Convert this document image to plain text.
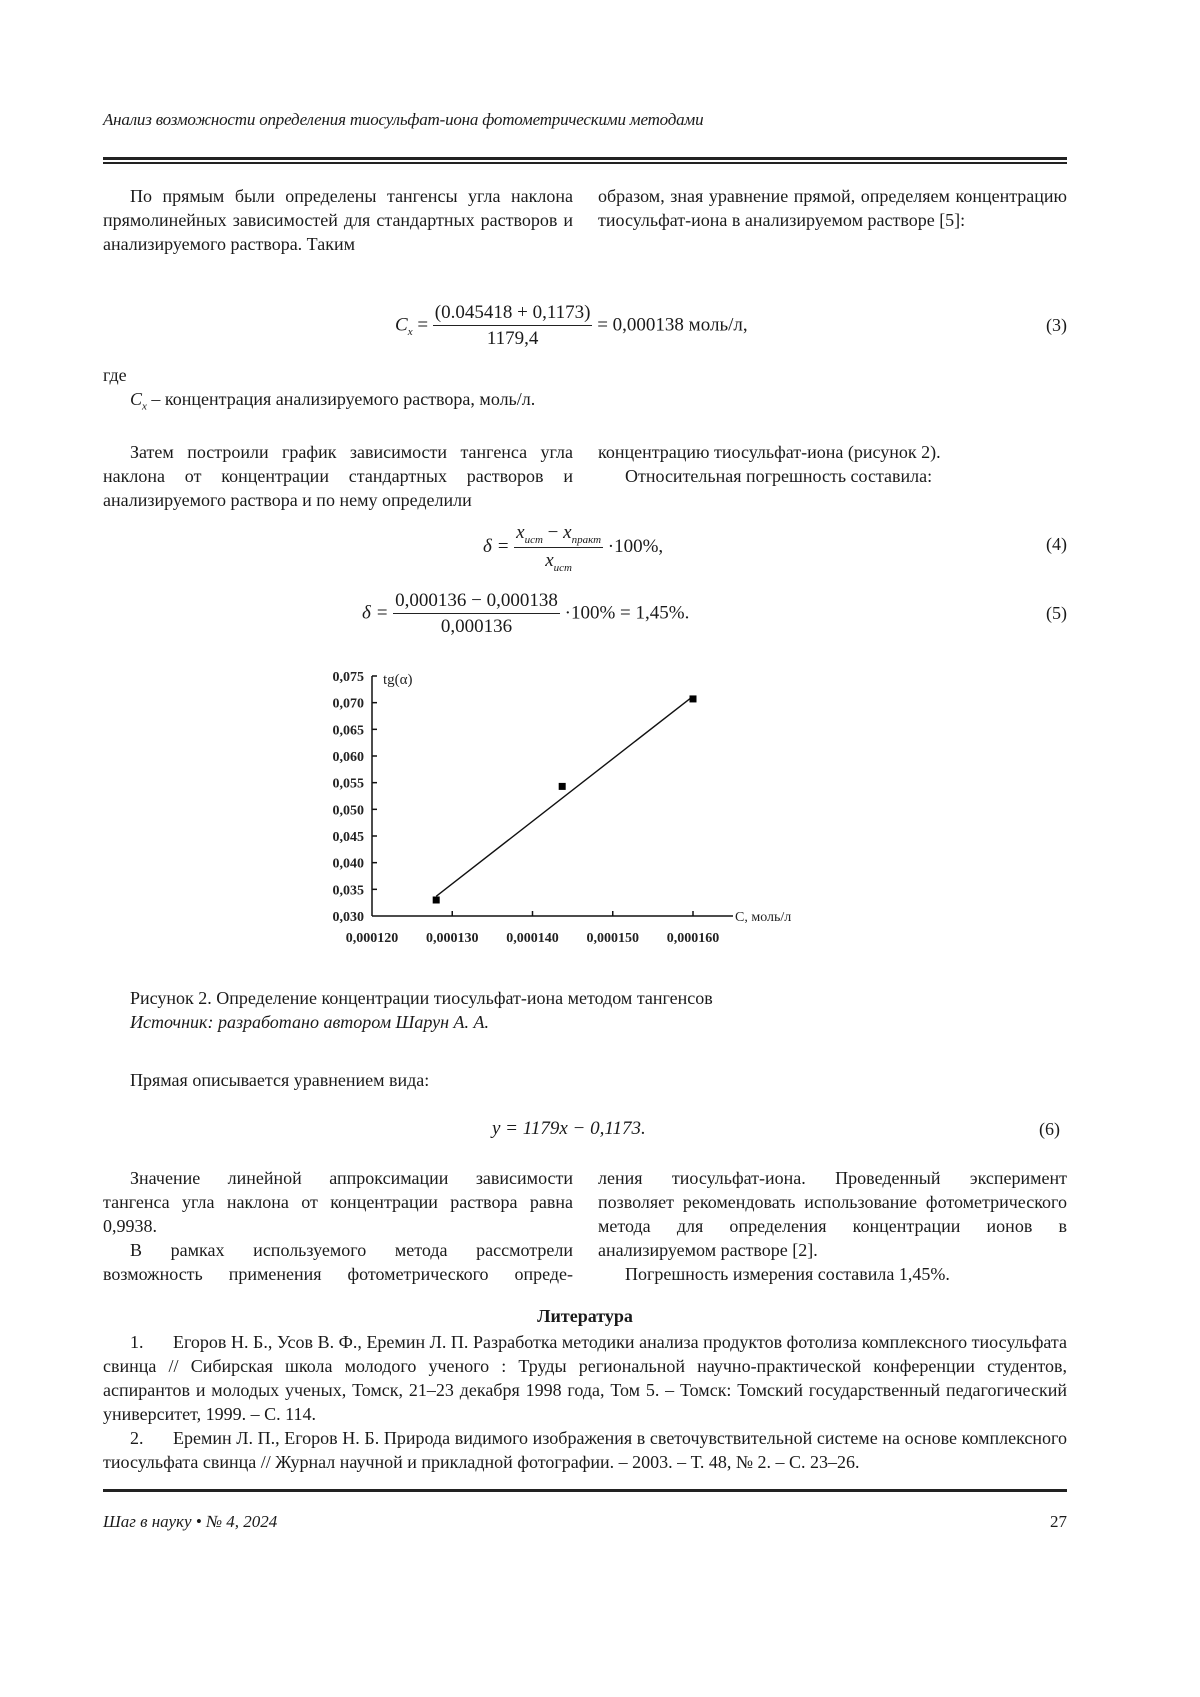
Анализ возможности определения тиосульфат-иона фотометрическими методами
По прямым были определены тангенсы угла наклона прямолинейных зависимостей для стандартных растворов и анализируемого раствора. Таким
образом, зная уравнение прямой, определяем концентрацию тиосульфат-иона в анализируемом растворе [5]:
$C_x = \frac{(0.045418 + 0,1173)}{1179,4} = 0,000138$ моль/л,	(3)
где
$C_x$ – концентрация анализируемого раствора, моль/л.
Затем построили график зависимости тангенса угла наклона от концентрации стандартных растворов и анализируемого раствора и по нему определили
концентрацию тиосульфат-иона (рисунок 2).
Относительная погрешность составила:
$\delta = \frac{x_{ист} - x_{практ}}{x_{ист}} \cdot 100\%$,	(4)
$\delta = \frac{0,000136 - 0,000138}{0,000136} \cdot 100\% = 1,45\%$.	(5)
0,030
0,035
0,040
0,045
0,050
0,055
0,060
0,065
0,070
0,075
0,000120 0,000130 0,000140 0,000150 0,000160
tg(α)
C, моль/л
Рисунок 2. Определение концентрации тиосульфат-иона методом тангенсов
Источник: разработано автором Шарун А. А.
Прямая описывается уравнением вида:
y = 1179x − 0,1173.	(6)
Значение линейной аппроксимации зависимости тангенса угла наклона от концентрации раствора равна 0,9938.
В рамках используемого метода рассмотрели возможность применения фотометрического опреде-
ления тиосульфат-иона. Проведенный эксперимент позволяет рекомендовать использование фотометрического метода для определения концентрации ионов в анализируемом растворе [2].
Погрешность измерения составила 1,45%.
Литература

1. Егоров Н. Б., Усов В. Ф., Еремин Л. П. Разработка методики анализа продуктов фотолиза комплексного тиосульфата свинца // Сибирская школа молодого ученого : Труды региональной научно-практической конференции студентов, аспирантов и молодых ученых, Томск, 21–23 декабря 1998 года, Том 5. – Томск: Томский государственный педагогический университет, 1999. – С. 114.

2. Еремин Л. П., Егоров Н. Б. Природа видимого изображения в светочувствительной системе на основе комплексного тиосульфата свинца // Журнал научной и прикладной фотографии. – 2003. – Т. 48, № 2. – С. 23–26.

Шаг в науку • № 4, 2024	27
